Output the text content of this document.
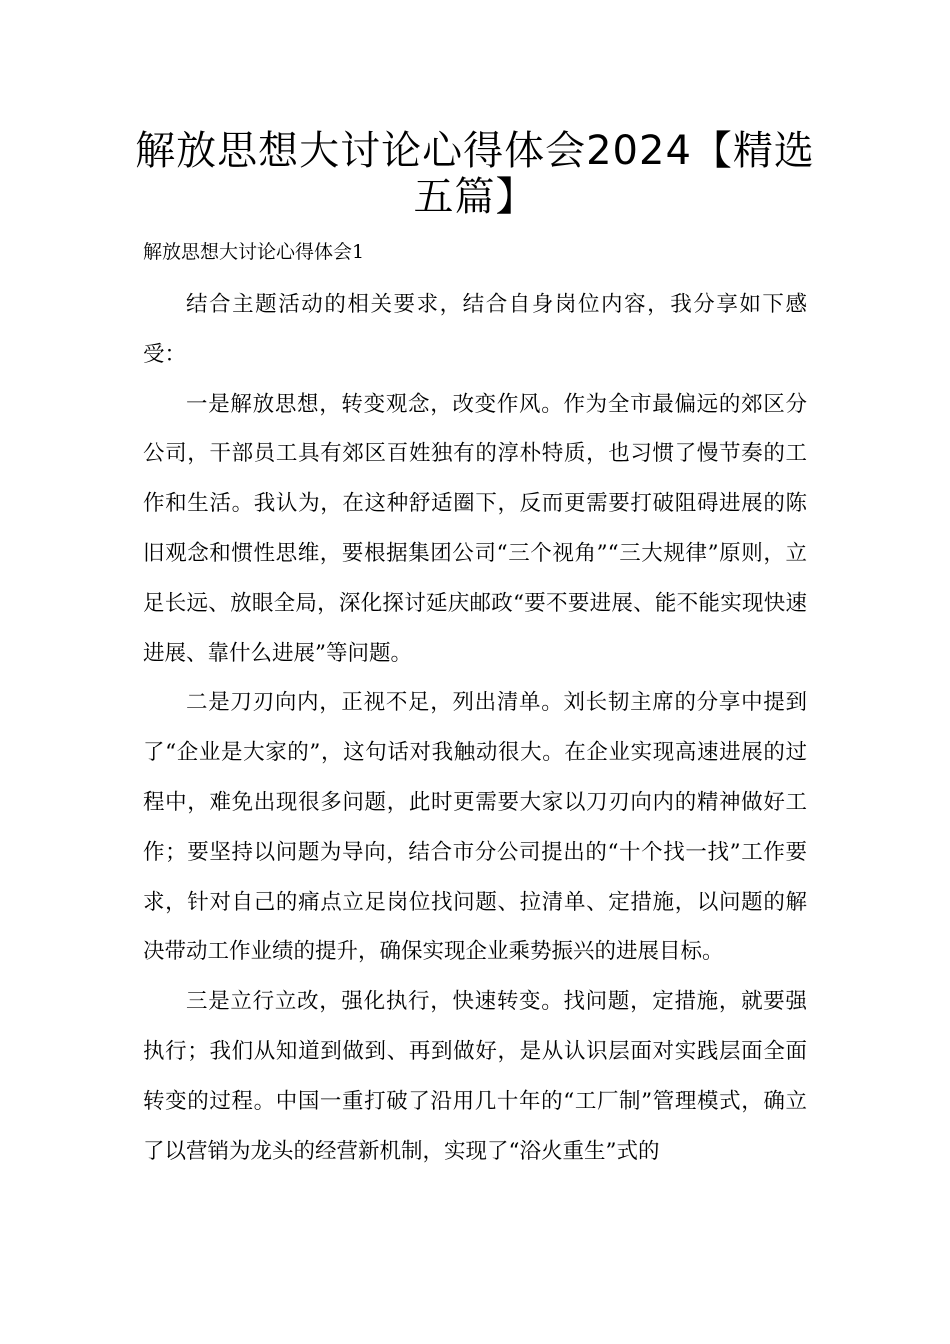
解放思想大讨论心得体会2024【精选五篇】
解放思想大讨论心得体会1

结合主题活动的相关要求，结合自身岗位内容，我分享如下感受：

一是解放思想，转变观念，改变作风。作为全市最偏远的郊区分公司，干部员工具有郊区百姓独有的淳朴特质，也习惯了慢节奏的工作和生活。我认为，在这种舒适圈下，反而更需要打破阻碍进展的陈旧观念和惯性思维，要根据集团公司“三个视角”“三大规律”原则，立足长远、放眼全局，深化探讨延庆邮政“要不要进展、能不能实现快速进展、靠什么进展”等问题。

二是刀刃向内，正视不足，列出清单。刘长韧主席的分享中提到了“企业是大家的”，这句话对我触动很大。在企业实现高速进展的过程中，难免出现很多问题，此时更需要大家以刀刃向内的精神做好工作；要坚持以问题为导向，结合市分公司提出的“十个找一找”工作要求，针对自己的痛点立足岗位找问题、拉清单、定措施，以问题的解决带动工作业绩的提升，确保实现企业乘势振兴的进展目标。

三是立行立改，强化执行，快速转变。找问题，定措施，就要强执行；我们从知道到做到、再到做好，是从认识层面对实践层面全面转变的过程。中国一重打破了沿用几十年的“工厂制”管理模式，确立了以营销为龙头的经营新机制，实现了“浴火重生”式的
